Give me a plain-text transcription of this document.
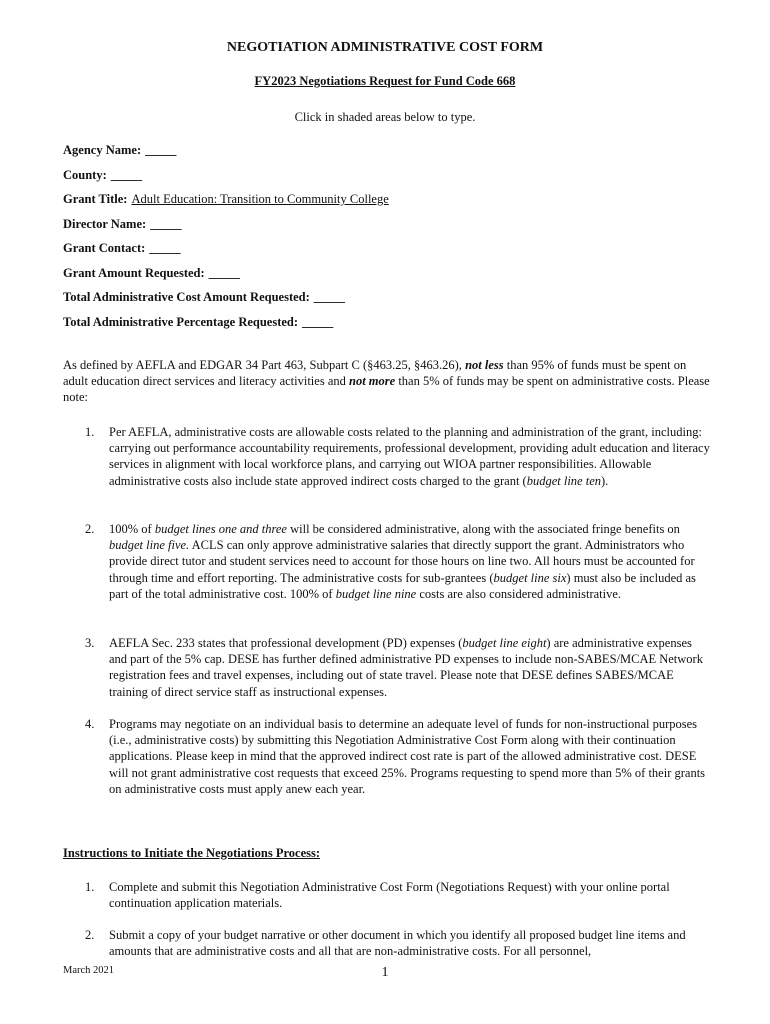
NEGOTIATION ADMINISTRATIVE COST FORM
FY2023 Negotiations Request for Fund Code 668
Click in shaded areas below to type.
Agency Name: _____
County: _____
Grant Title: Adult Education: Transition to Community College
Director Name: _____
Grant Contact: _____
Grant Amount Requested: _____
Total Administrative Cost Amount Requested: _____
Total Administrative Percentage Requested: _____
As defined by AEFLA and EDGAR 34 Part 463, Subpart C (§463.25, §463.26), not less than 95% of funds must be spent on adult education direct services and literacy activities and not more than 5% of funds may be spent on administrative costs. Please note:
1. Per AEFLA, administrative costs are allowable costs related to the planning and administration of the grant, including: carrying out performance accountability requirements, professional development, providing adult education and literacy services in alignment with local workforce plans, and carrying out WIOA partner responsibilities. Allowable administrative costs also include state approved indirect costs charged to the grant (budget line ten).
2. 100% of budget lines one and three will be considered administrative, along with the associated fringe benefits on budget line five. ACLS can only approve administrative salaries that directly support the grant. Administrators who provide direct tutor and student services need to account for those hours on line two. All hours must be accounted for through time and effort reporting. The administrative costs for sub-grantees (budget line six) must also be included as part of the total administrative cost. 100% of budget line nine costs are also considered administrative.
3. AEFLA Sec. 233 states that professional development (PD) expenses (budget line eight) are administrative expenses and part of the 5% cap. DESE has further defined administrative PD expenses to include non-SABES/MCAE Network registration fees and travel expenses, including out of state travel. Please note that DESE defines SABES/MCAE training of direct service staff as instructional expenses.
4. Programs may negotiate on an individual basis to determine an adequate level of funds for non-instructional purposes (i.e., administrative costs) by submitting this Negotiation Administrative Cost Form along with their continuation applications. Please keep in mind that the approved indirect cost rate is part of the allowed administrative cost. DESE will not grant administrative cost requests that exceed 25%. Programs requesting to spend more than 5% of their grants on administrative costs must apply anew each year.
1. Complete and submit this Negotiation Administrative Cost Form (Negotiations Request) with your online portal continuation application materials.
2. Submit a copy of your budget narrative or other document in which you identify all proposed budget line items and amounts that are administrative costs and all that are non-administrative costs. For all personnel,
Instructions to Initiate the Negotiations Process:
March 2021	1
